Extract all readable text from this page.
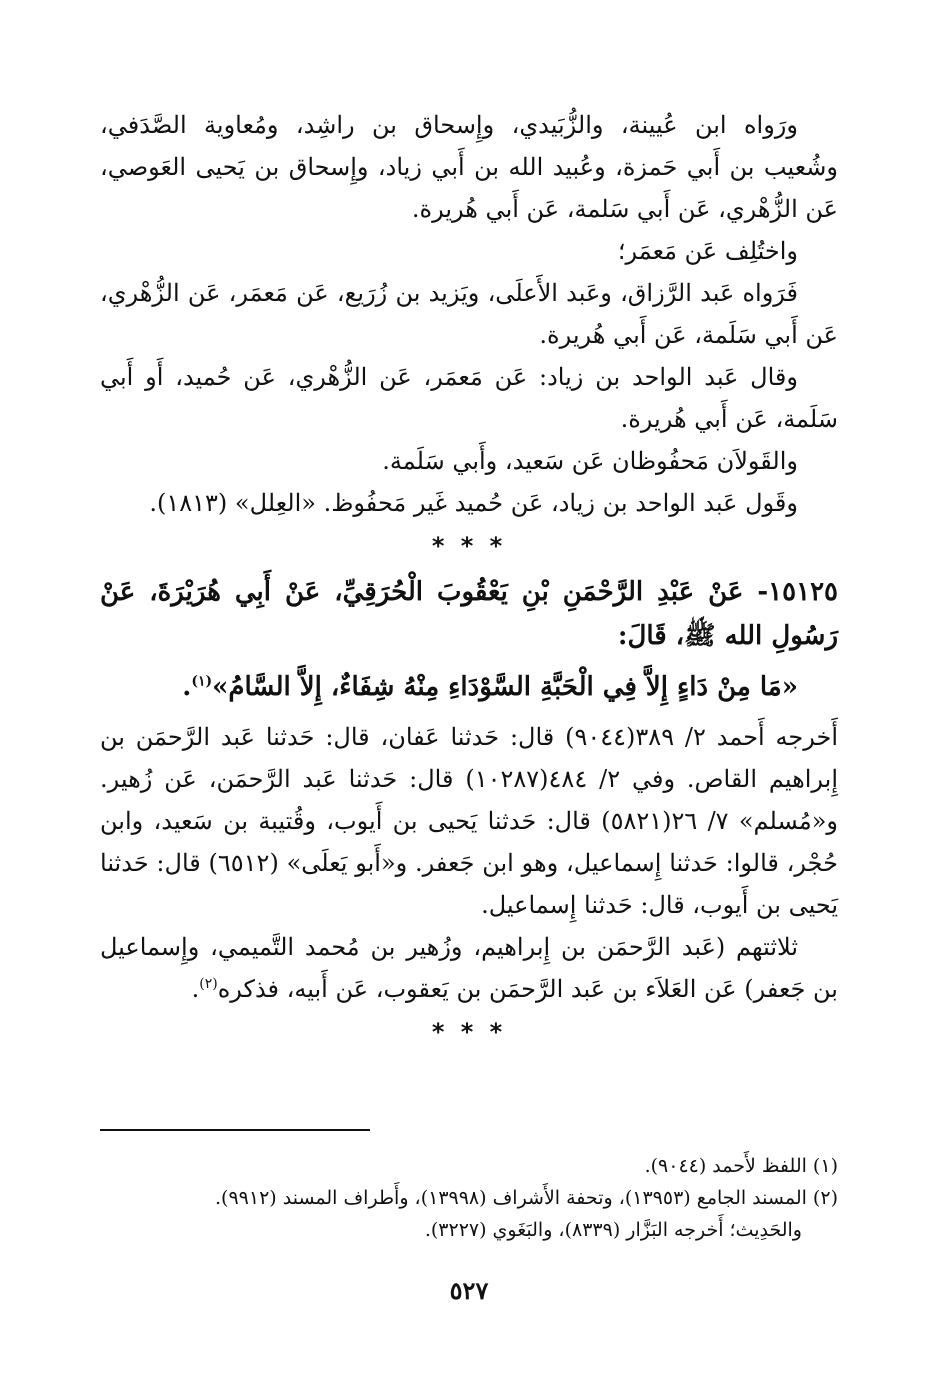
ورَواه ابن عُيينة، والزُّبَيدي، وإِسحاق بن راشِد، ومُعاوية الصَّدَفي، وشُعيب بن أَبي حَمزة، وعُبيد الله بن أَبي زياد، وإِسحاق بن يَحيى العَوصي، عَن الزُّهْري، عَن أَبي سَلمة، عَن أَبي هُريرة.

واختُلِف عَن مَعمَر؛

فَرَواه عَبد الرَّزاق، وعَبد الأَعلَى، ويَزيد بن زُرَيع، عَن مَعمَر، عَن الزُّهْري، عَن أَبي سَلَمة، عَن أَبي هُريرة.

وقال عَبد الواحد بن زياد: عَن مَعمَر، عَن الزُّهْري، عَن حُميد، أَو أَبي سَلَمة، عَن أَبي هُريرة.

والقَولاَن مَحفُوظان عَن سَعيد، وأَبي سَلَمة.

وقَول عَبد الواحد بن زياد، عَن حُميد غَير مَحفُوظ. «العِلل» (١٨١٣).

* * *

١٥١٢٥- عَنْ عَبْدِ الرَّحْمَنِ بْنِ يَعْقُوبَ الْحُرَقِيِّ، عَنْ أَبِي هُرَيْرَةَ، عَنْ رَسُولِ الله ﷺ، قَالَ:

«مَا مِنْ دَاءٍ إِلاَّ فِي الْحَبَّةِ السَّوْدَاءِ مِنْهُ شِفَاءٌ، إِلاَّ السَّامُ»$^{(١)}$.

أَخرجه أَحمد ٢/ ٣٨٩(٩٠٤٤) قال: حَدثنا عَفان، قال: حَدثنا عَبد الرَّحمَن بن إِبراهيم القاص. وفي ٢/ ٤٨٤(١٠٢٨٧) قال: حَدثنا عَبد الرَّحمَن، عَن زُهير. و«مُسلم» ٧/ ٢٦(٥٨٢١) قال: حَدثنا يَحيى بن أَيوب، وقُتيبة بن سَعيد، وابن حُجْر، قالوا: حَدثنا إِسماعيل، وهو ابن جَعفر. و«أَبو يَعلَى» (٦٥١٢) قال: حَدثنا يَحيى بن أَيوب، قال: حَدثنا إِسماعيل.

ثلاثتهم (عَبد الرَّحمَن بن إِبراهيم، وزُهير بن مُحمد التَّميمي، وإِسماعيل بن جَعفر) عَن العَلاَء بن عَبد الرَّحمَن بن يَعقوب، عَن أَبيه، فذكره$^{(٢)}$.

* * *

(١) اللفظ لأَحمد (٩٠٤٤).

(٢) المسند الجامع (١٣٩٥٣)، وتحفة الأَشراف (١٣٩٩٨)، وأَطراف المسند (٩٩١٢).

والحَدِيث؛ أَخرجه البَزَّار (٨٣٣٩)، والبَغَوي (٣٢٢٧).

٥٢٧
